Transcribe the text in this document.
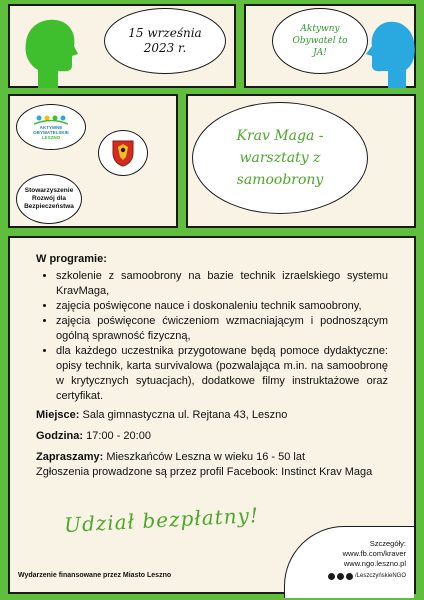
15 września 2023 r.
Aktywny Obywatel to JA!
AKTYWNE
OBYWATELSKIE
LESZNO
Stowarzyszenie Rozwój dla Bezpieczeństwa
Krav Maga - warsztaty z samoobrony
W programie:
• szkolenie z samoobrony na bazie technik izraelskiego systemu KravMaga,
• zajęcia poświęcone nauce i doskonaleniu technik samoobrony,
• zajęcia poświęcone ćwiczeniom wzmacniającym i podnoszącym ogólną sprawność fizyczną,
• dla każdego uczestnika przygotowane będą pomoce dydaktyczne: opisy technik, karta survivalowa (pozwalająca m.in. na samoobronę w krytycznych sytuacjach), dodatkowe filmy instruktażowe oraz certyfikat.

Miejsce: Sala gimnastyczna ul. Rejtana 43, Leszno

Godzina: 17:00 - 20:00

Zapraszamy: Mieszkańców Leszna w wieku 16 - 50 lat

Zgłoszenia prowadzone są przez profil Facebook: Instinct Krav Maga

Udział bezpłatny!
Wydarzenie finansowane przez Miasto Leszno
Szczegóły:
www.fb.com/kraver
www.ngo.leszno.pl
/LeszczyńskieNGO
